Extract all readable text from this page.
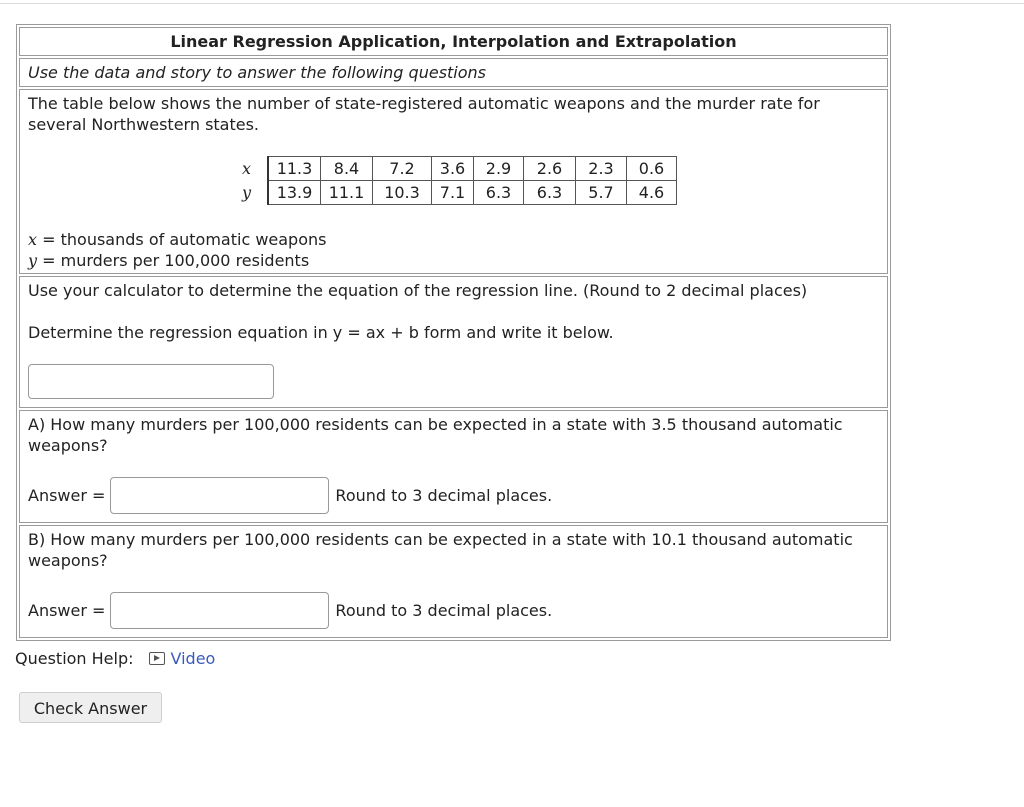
Linear Regression Application, Interpolation and Extrapolation
Use the data and story to answer the following questions
The table below shows the number of state-registered automatic weapons and the murder rate for several Northwestern states.
x	11.3	8.4	7.2	3.6	2.9	2.6	2.3	0.6
y	13.9	11.1	10.3	7.1	6.3	6.3	5.7	4.6
x = thousands of automatic weapons
y = murders per 100,000 residents
Use your calculator to determine the equation of the regression line. (Round to 2 decimal places)
Determine the regression equation in y = ax + b form and write it below.
A) How many murders per 100,000 residents can be expected in a state with 3.5 thousand automatic weapons?
Answer =	Round to 3 decimal places.
B) How many murders per 100,000 residents can be expected in a state with 10.1 thousand automatic weapons?
Answer =	Round to 3 decimal places.
Question Help: Video
Check Answer
